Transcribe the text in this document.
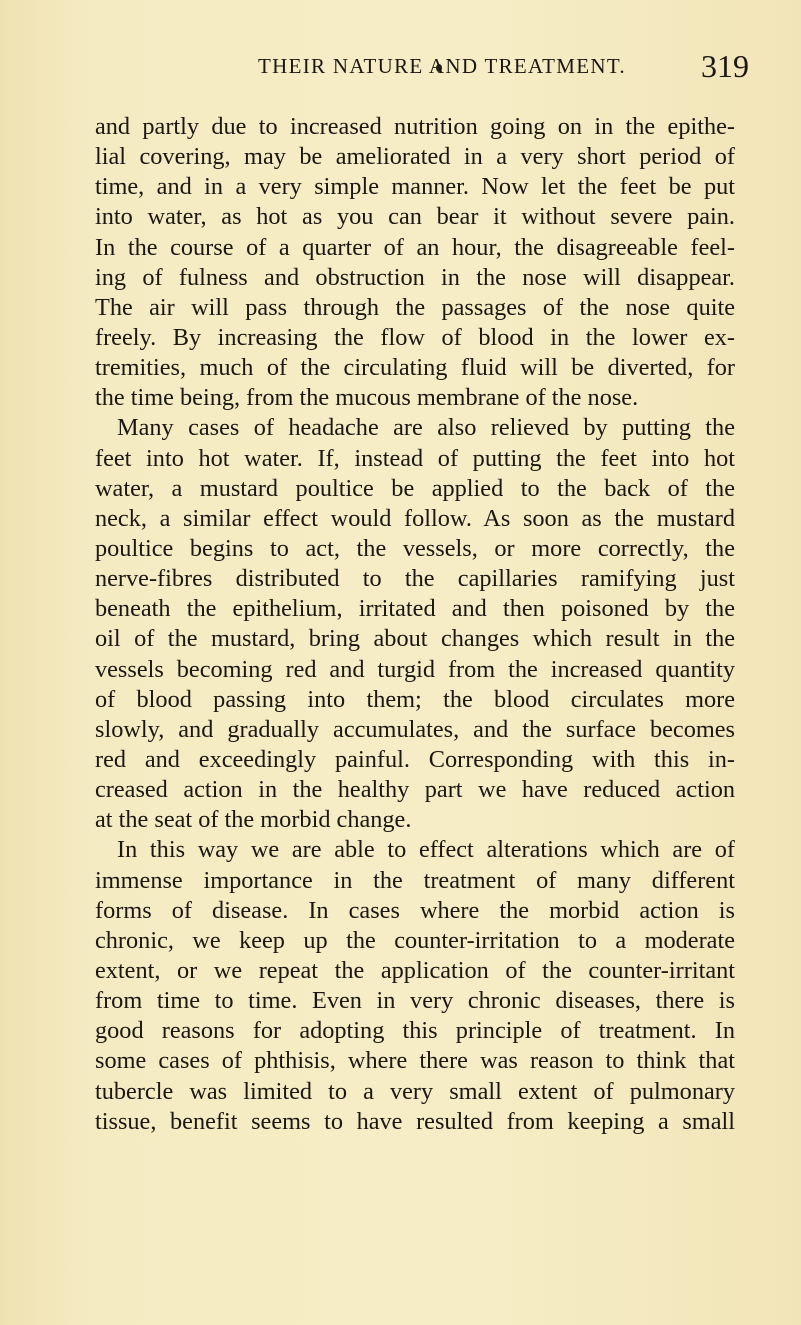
THEIR NATURE AND TREATMENT. 319
and partly due to increased nutrition going on in the epithe-
lial covering, may be ameliorated in a very short period of
time, and in a very simple manner. Now let the feet be put
into water, as hot as you can bear it without severe pain.
In the course of a quarter of an hour, the disagreeable feel-
ing of fulness and obstruction in the nose will disappear.
The air will pass through the passages of the nose quite
freely. By increasing the flow of blood in the lower ex-
tremities, much of the circulating fluid will be diverted, for
the time being, from the mucous membrane of the nose.
Many cases of headache are also relieved by putting the
feet into hot water. If, instead of putting the feet into hot
water, a mustard poultice be applied to the back of the
neck, a similar effect would follow. As soon as the mustard
poultice begins to act, the vessels, or more correctly, the
nerve-fibres distributed to the capillaries ramifying just
beneath the epithelium, irritated and then poisoned by the
oil of the mustard, bring about changes which result in the
vessels becoming red and turgid from the increased quantity
of blood passing into them; the blood circulates more
slowly, and gradually accumulates, and the surface becomes
red and exceedingly painful. Corresponding with this in-
creased action in the healthy part we have reduced action
at the seat of the morbid change.
In this way we are able to effect alterations which are of
immense importance in the treatment of many different
forms of disease. In cases where the morbid action is
chronic, we keep up the counter-irritation to a moderate
extent, or we repeat the application of the counter-irritant
from time to time. Even in very chronic diseases, there is
good reasons for adopting this principle of treatment. In
some cases of phthisis, where there was reason to think that
tubercle was limited to a very small extent of pulmonary
tissue, benefit seems to have resulted from keeping a small
